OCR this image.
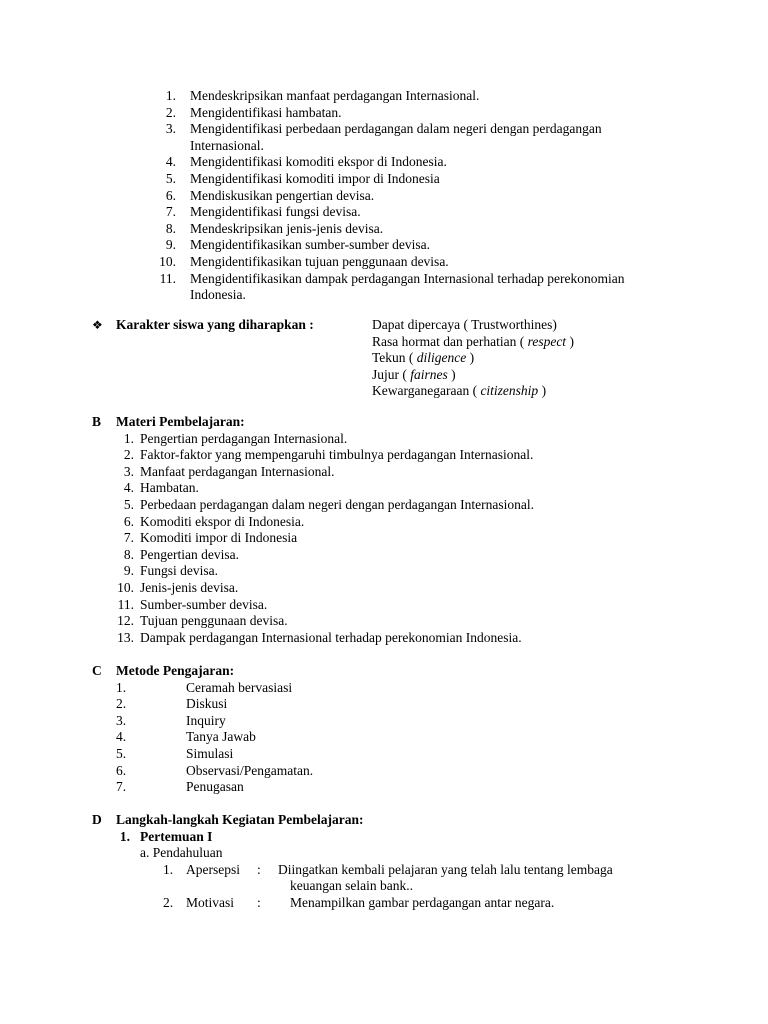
1. Mendeskripsikan manfaat perdagangan Internasional.
2. Mengidentifikasi hambatan.
3. Mengidentifikasi perbedaan perdagangan dalam negeri dengan perdagangan
Internasional.
4. Mengidentifikasi komoditi ekspor di Indonesia.
5. Mengidentifikasi komoditi impor di Indonesia
6. Mendiskusikan pengertian devisa.
7. Mengidentifikasi fungsi devisa.
8. Mendeskripsikan jenis-jenis devisa.
9. Mengidentifikasikan sumber-sumber devisa.
10. Mengidentifikasikan tujuan penggunaan devisa.
11. Mengidentifikasikan dampak perdagangan Internasional terhadap perekonomian
Indonesia.
❖ Karakter siswa yang diharapkan :	Dapat dipercaya ( Trustworthines)
Rasa hormat dan perhatian ( respect )
Tekun ( diligence )
Jujur ( fairnes )
Kewarganegaraan ( citizenship )
B Materi Pembelajaran:
1. Pengertian perdagangan Internasional.
2. Faktor-faktor yang mempengaruhi timbulnya perdagangan Internasional.
3. Manfaat perdagangan Internasional.
4. Hambatan.
5. Perbedaan perdagangan dalam negeri dengan perdagangan Internasional.
6. Komoditi ekspor di Indonesia.
7. Komoditi impor di Indonesia
8. Pengertian devisa.
9. Fungsi devisa.
10. Jenis-jenis devisa.
11. Sumber-sumber devisa.
12. Tujuan penggunaan devisa.
13. Dampak perdagangan Internasional terhadap perekonomian Indonesia.
C Metode Pengajaran:
1.	Ceramah bervasiasi
2.	Diskusi
3.	Inquiry
4.	Tanya Jawab
5.	Simulasi
6.	Observasi/Pengamatan.
7.	Penugasan
D Langkah-langkah Kegiatan Pembelajaran:
1. Pertemuan I
a. Pendahuluan
1. Apersepsi : Diingatkan kembali pelajaran yang telah lalu tentang lembaga
keuangan selain bank..
2. Motivasi : Menampilkan gambar perdagangan antar negara.
